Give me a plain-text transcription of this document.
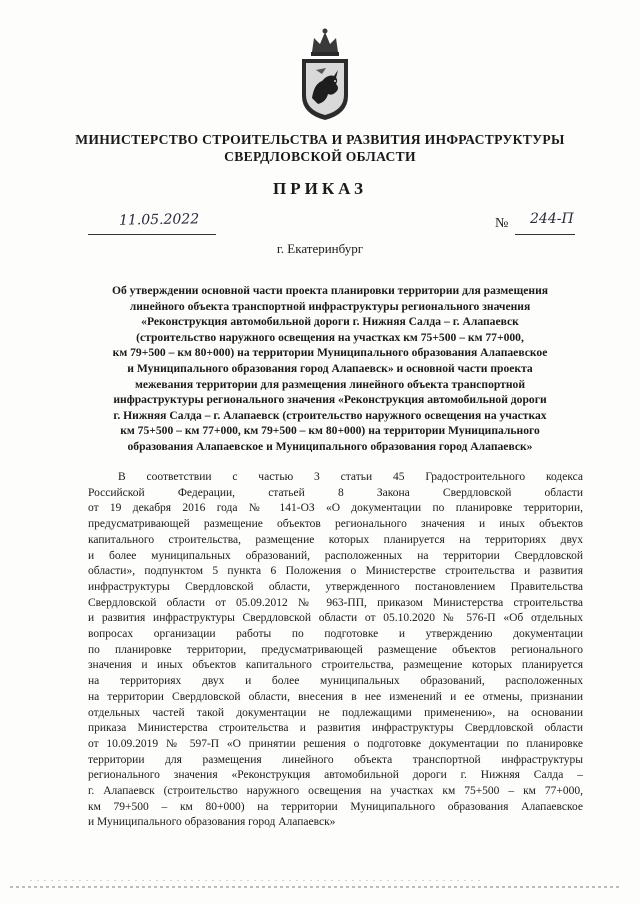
МИНИСТЕРСТВО СТРОИТЕЛЬСТВА И РАЗВИТИЯ ИНФРАСТРУКТУРЫ
СВЕРДЛОВСКОЙ ОБЛАСТИ
ПРИКАЗ
11.05.2022	№ 244-П
г. Екатеринбург
Об утверждении основной части проекта планировки территории для размещения
линейного объекта транспортной инфраструктуры регионального значения
«Реконструкция автомобильной дороги г. Нижняя Салда – г. Алапаевск
(строительство наружного освещения на участках км 75+500 – км 77+000,
км 79+500 – км 80+000) на территории Муниципального образования Алапаевское
и Муниципального образования город Алапаевск» и основной части проекта
межевания территории для размещения линейного объекта транспортной
инфраструктуры регионального значения «Реконструкция автомобильной дороги
г. Нижняя Салда – г. Алапаевск (строительство наружного освещения на участках
км 75+500 – км 77+000, км 79+500 – км 80+000) на территории Муниципального
образования Алапаевское и Муниципального образования город Алапаевск»
В соответствии с частью 3 статьи 45 Градостроительного кодекса
Российской Федерации, статьей 8 Закона Свердловской области
от 19 декабря 2016 года № 141-ОЗ «О документации по планировке территории,
предусматривающей размещение объектов регионального значения и иных объектов
капитального строительства, размещение которых планируется на территориях двух
и более муниципальных образований, расположенных на территории Свердловской
области», подпунктом 5 пункта 6 Положения о Министерстве строительства и развития
инфраструктуры Свердловской области, утвержденного постановлением Правительства
Свердловской области от 05.09.2012 № 963-ПП, приказом Министерства строительства
и развития инфраструктуры Свердловской области от 05.10.2020 № 576-П «Об отдельных
вопросах организации работы по подготовке и утверждению документации
по планировке территории, предусматривающей размещение объектов регионального
значения и иных объектов капитального строительства, размещение которых планируется
на территориях двух и более муниципальных образований, расположенных
на территории Свердловской области, внесения в нее изменений и ее отмены, признании
отдельных частей такой документации не подлежащими применению», на основании
приказа Министерства строительства и развития инфраструктуры Свердловской области
от 10.09.2019 № 597-П «О принятии решения о подготовке документации по планировке
территории для размещения линейного объекта транспортной инфраструктуры
регионального значения «Реконструкция автомобильной дороги г. Нижняя Салда –
г. Алапаевск (строительство наружного освещения на участках км 75+500 – км 77+000,
км 79+500 – км 80+000) на территории Муниципального образования Алапаевское
и Муниципального образования город Алапаевск»
